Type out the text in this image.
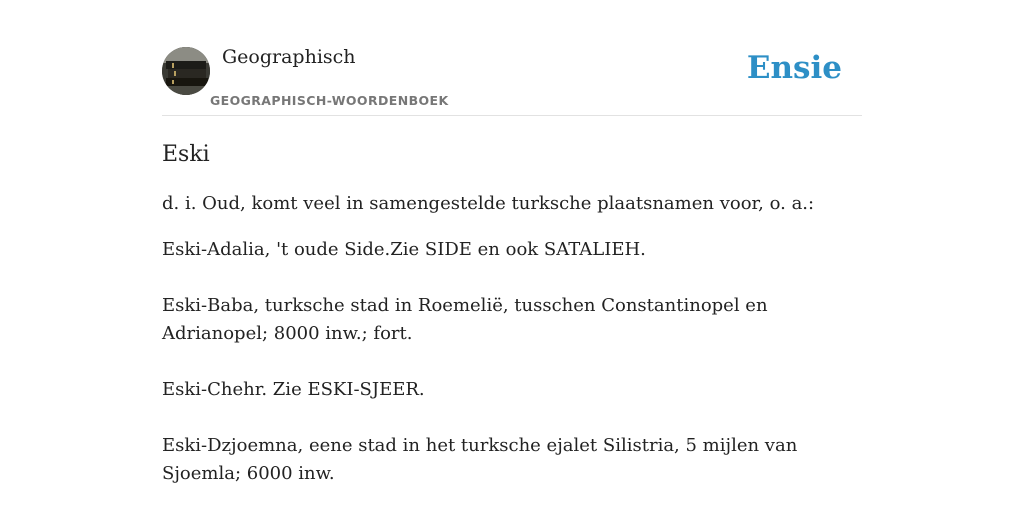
Geographisch
GEOGRAPHISCH-WOORDENBOEK
Ensie
Eski

d. i. Oud, komt veel in samengestelde turksche plaatsnamen voor, o. a.:

Eski-Adalia, 't oude Side.Zie SIDE en ook SATALIEH.

Eski-Baba, turksche stad in Roemelië, tusschen Constantinopel en Adrianopel; 8000 inw.; fort.

Eski-Chehr. Zie ESKI-SJEER.

Eski-Dzjoemna, eene stad in het turksche ejalet Silistria, 5 mijlen van Sjoemla; 6000 inw.
